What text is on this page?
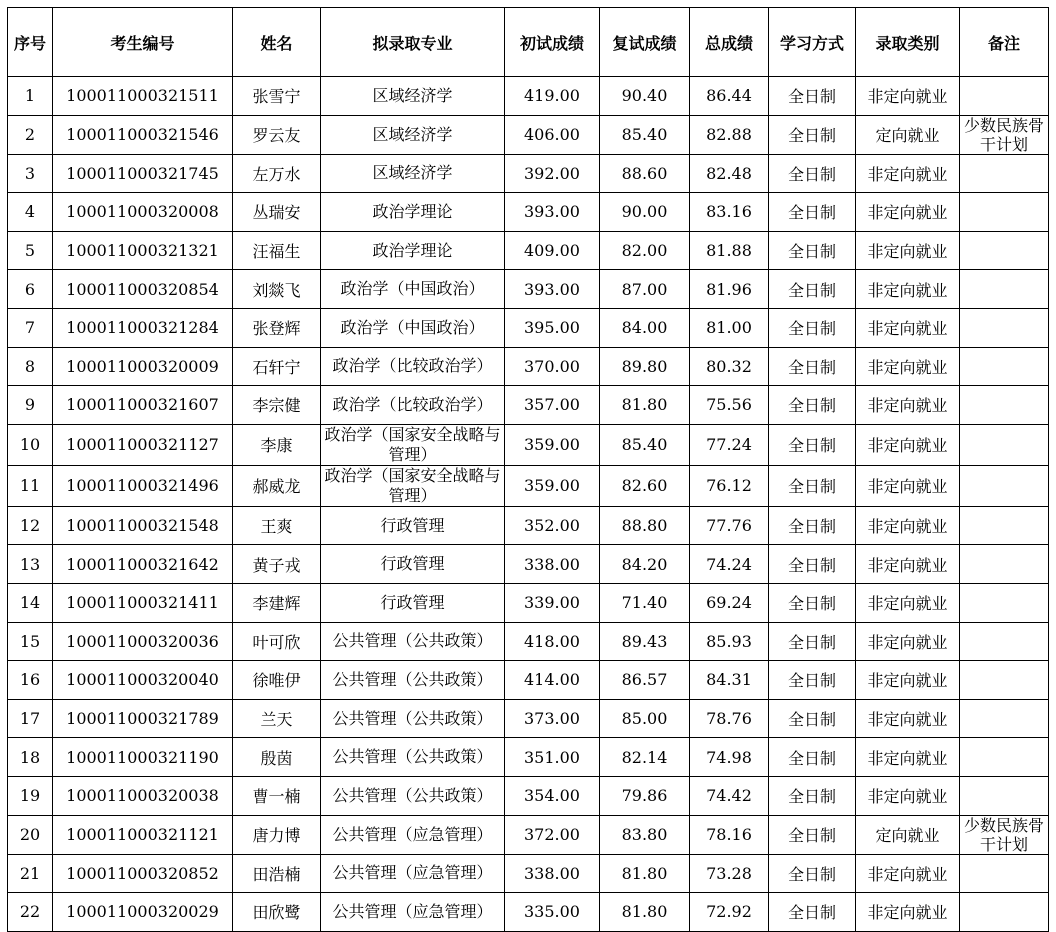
序号	考生编号	姓名	拟录取专业	初试成绩	复试成绩	总成绩	学习方式	录取类别	备注
1	100011000321511	张雪宁	区域经济学	419.00	90.40	86.44	全日制	非定向就业	
2	100011000321546	罗云友	区域经济学	406.00	85.40	82.88	全日制	定向就业	少数民族骨干计划
3	100011000321745	左万水	区域经济学	392.00	88.60	82.48	全日制	非定向就业	
4	100011000320008	丛瑞安	政治学理论	393.00	90.00	83.16	全日制	非定向就业	
5	100011000321321	汪福生	政治学理论	409.00	82.00	81.88	全日制	非定向就业	
6	100011000320854	刘燚飞	政治学（中国政治）	393.00	87.00	81.96	全日制	非定向就业	
7	100011000321284	张登辉	政治学（中国政治）	395.00	84.00	81.00	全日制	非定向就业	
8	100011000320009	石轩宁	政治学（比较政治学）	370.00	89.80	80.32	全日制	非定向就业	
9	100011000321607	李宗健	政治学（比较政治学）	357.00	81.80	75.56	全日制	非定向就业	
10	100011000321127	李康	政治学（国家安全战略与管理）	359.00	85.40	77.24	全日制	非定向就业	
11	100011000321496	郝威龙	政治学（国家安全战略与管理）	359.00	82.60	76.12	全日制	非定向就业	
12	100011000321548	王爽	行政管理	352.00	88.80	77.76	全日制	非定向就业	
13	100011000321642	黄子戎	行政管理	338.00	84.20	74.24	全日制	非定向就业	
14	100011000321411	李建辉	行政管理	339.00	71.40	69.24	全日制	非定向就业	
15	100011000320036	叶可欣	公共管理（公共政策）	418.00	89.43	85.93	全日制	非定向就业	
16	100011000320040	徐唯伊	公共管理（公共政策）	414.00	86.57	84.31	全日制	非定向就业	
17	100011000321789	兰天	公共管理（公共政策）	373.00	85.00	78.76	全日制	非定向就业	
18	100011000321190	殷茵	公共管理（公共政策）	351.00	82.14	74.98	全日制	非定向就业	
19	100011000320038	曹一楠	公共管理（公共政策）	354.00	79.86	74.42	全日制	非定向就业	
20	100011000321121	唐力博	公共管理（应急管理）	372.00	83.80	78.16	全日制	定向就业	少数民族骨干计划
21	100011000320852	田浩楠	公共管理（应急管理）	338.00	81.80	73.28	全日制	非定向就业	
22	100011000320029	田欣鹭	公共管理（应急管理）	335.00	81.80	72.92	全日制	非定向就业	
